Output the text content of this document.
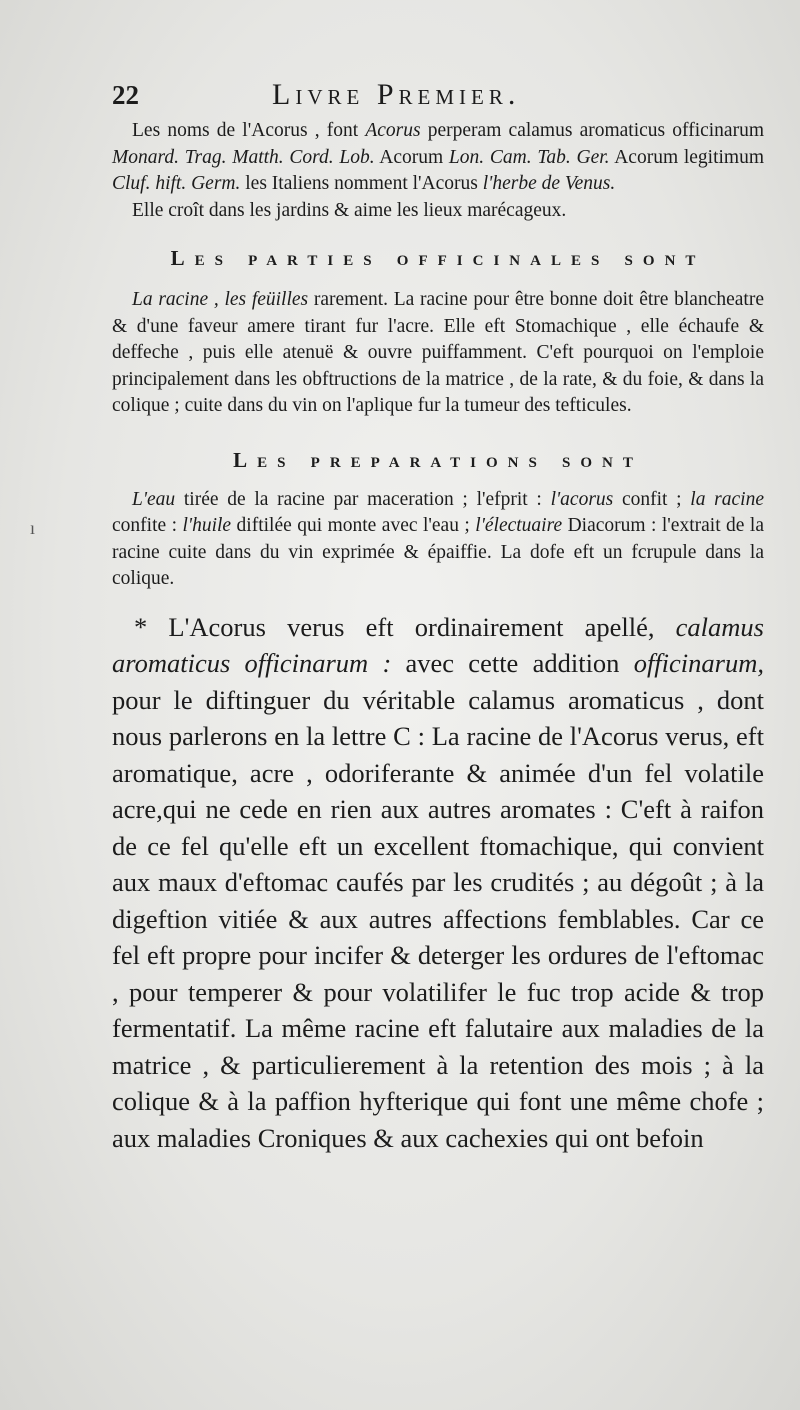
ı
22	Livre Premier.

Les noms de l'Acorus , font Acorus perperam calamus aromaticus officinarum Monard. Trag. Matth. Cord. Lob. Acorum Lon. Cam. Tab. Ger. Acorum legitimum Cluf. hift. Germ. les Italiens nomment l'Acorus l'herbe de Venus.

Elle croît dans les jardins & aime les lieux marécageux.

Les parties officinales sont

La racine , les feüilles rarement. La racine pour être bonne doit être blancheatre & d'une faveur amere tirant fur l'acre. Elle eft Stomachique , elle échaufe & deffeche , puis elle atenuë & ouvre puiffamment. C'eft pourquoi on l'emploie principalement dans les obftructions de la matrice , de la rate, & du foie, & dans la colique ; cuite dans du vin on l'aplique fur la tumeur des tefticules.

Les preparations sont

L'eau tirée de la racine par maceration ; l'efprit : l'acorus confit ; la racine confite : l'huile diftilée qui monte avec l'eau ; l'électuaire Diacorum : l'extrait de la racine cuite dans du vin exprimée & épaiffie. La dofe eft un fcrupule dans la colique.

* L'Acorus verus eft ordinairement apellé, calamus aromaticus officinarum : avec cette addition officinarum, pour le diftinguer du véritable calamus aromaticus , dont nous parlerons en la lettre C : La racine de l'Acorus verus, eft aromatique, acre , odoriferante & animée d'un fel volatile acre,qui ne cede en rien aux autres aromates : C'eft à raifon de ce fel qu'elle eft un excellent ftomachique, qui convient aux maux d'eftomac caufés par les crudités ; au dégoût ; à la digeftion vitiée & aux autres affections femblables. Car ce fel eft propre pour incifer & deterger les ordures de l'eftomac , pour temperer & pour volatilifer le fuc trop acide & trop fermentatif. La même racine eft falutaire aux maladies de la matrice , & particulierement à la retention des mois ; à la colique & à la paffion hyfterique qui font une même chofe ; aux maladies Croniques & aux cachexies qui ont befoin
